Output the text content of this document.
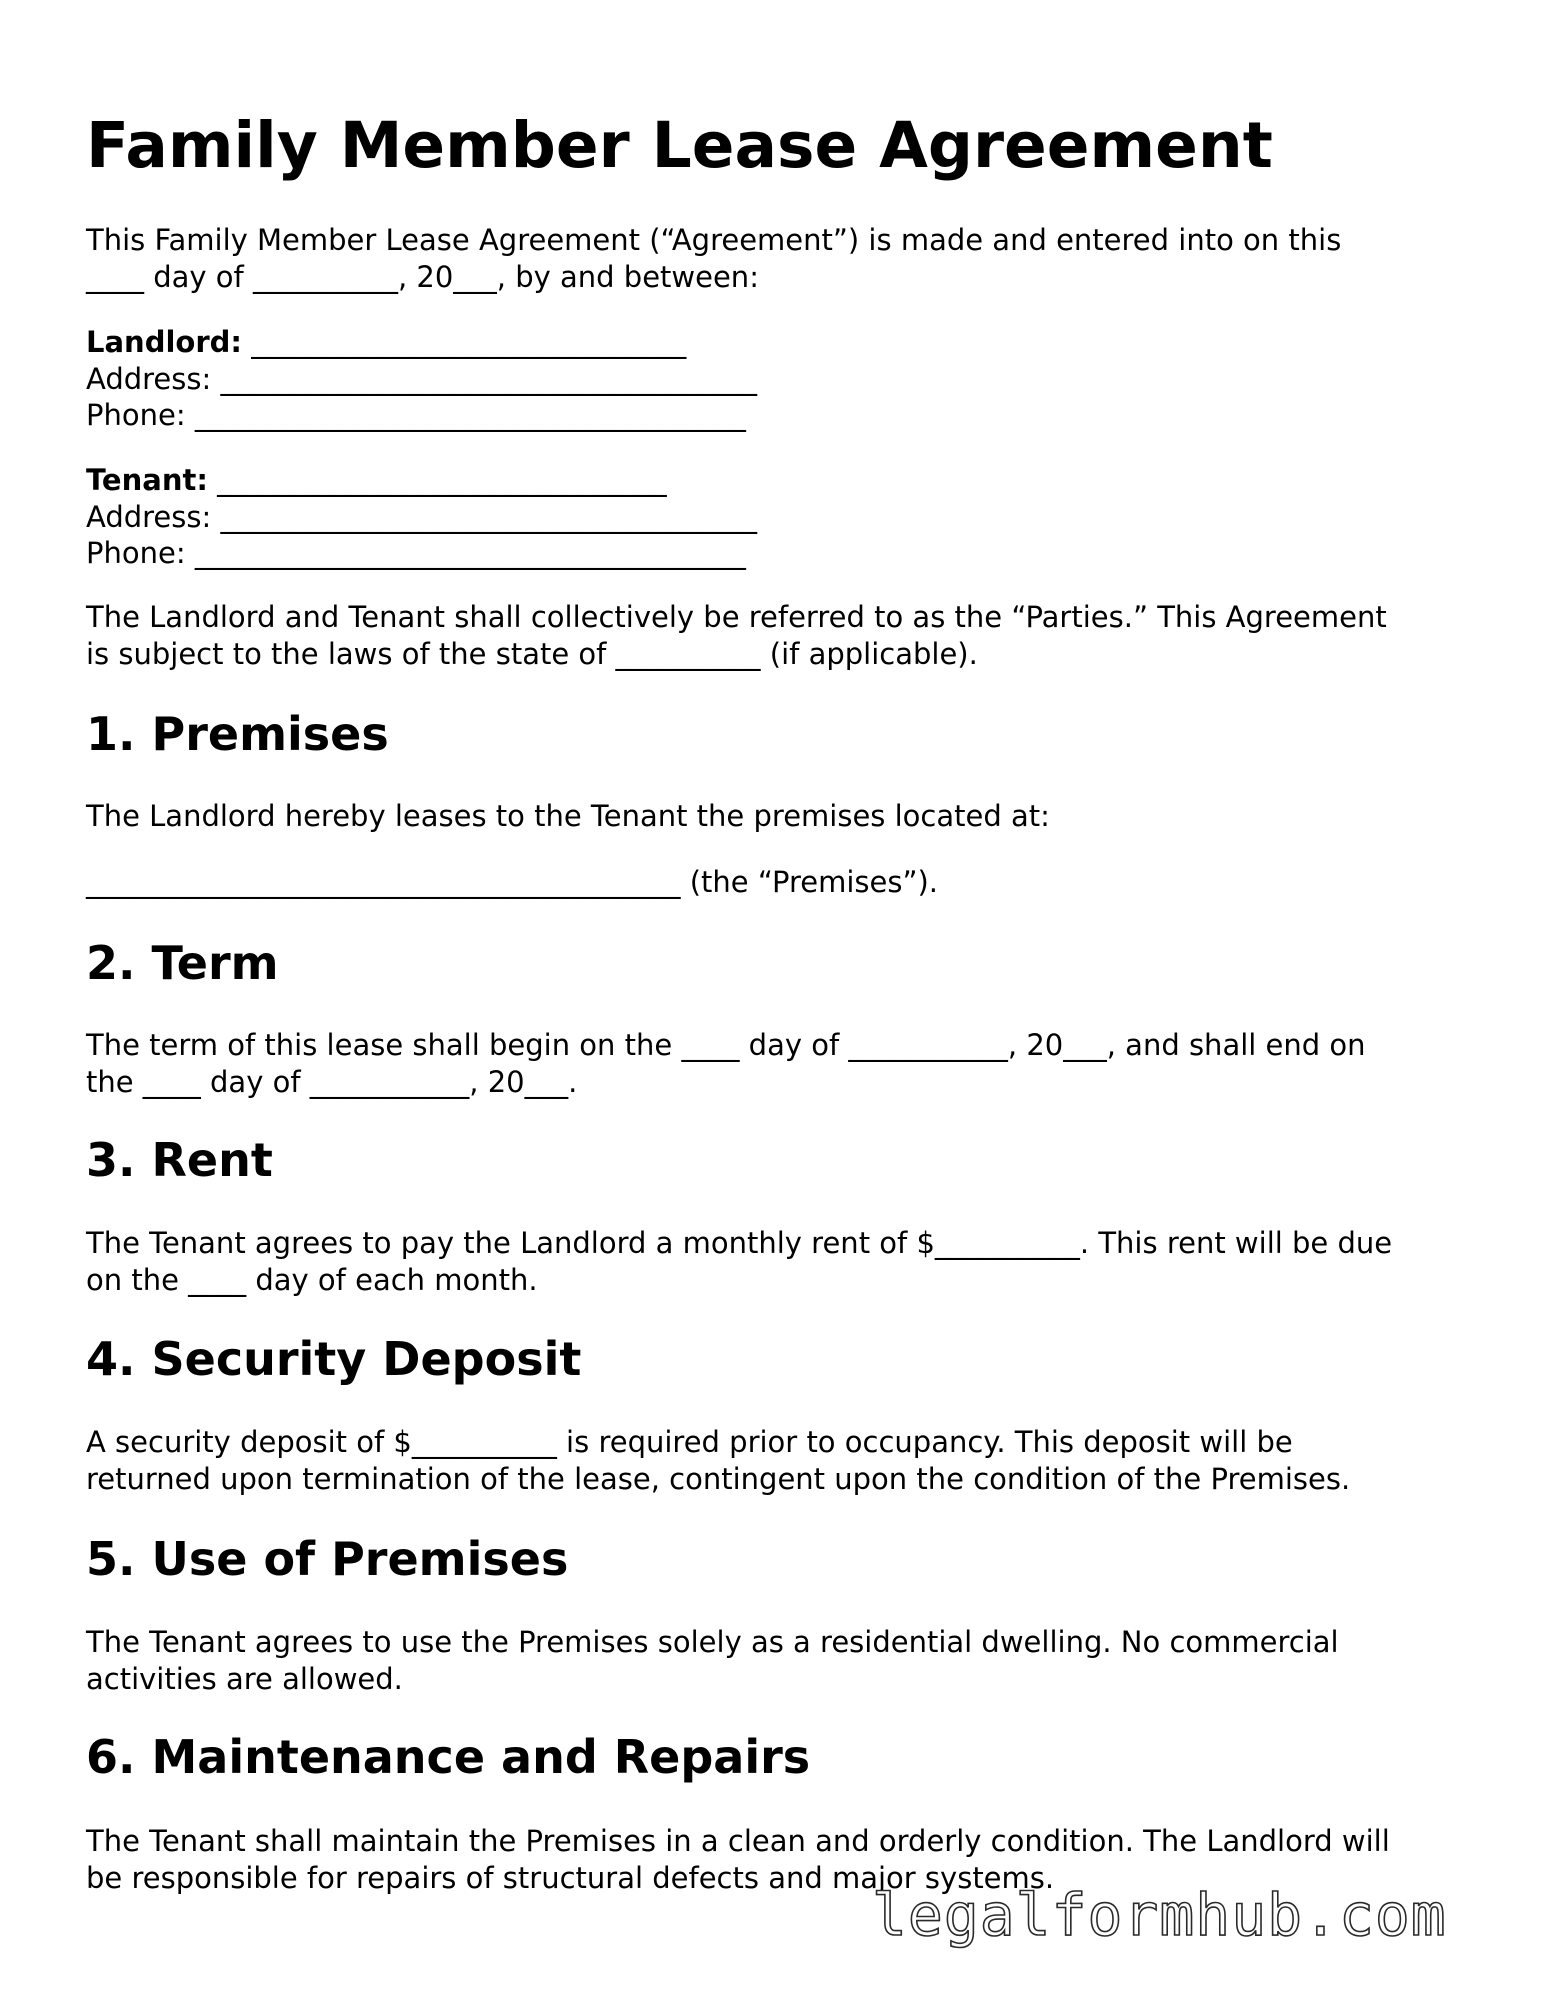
Family Member Lease Agreement

This Family Member Lease Agreement (“Agreement”) is made and entered into on this
____ day of __________, 20___, by and between:

Landlord: ______________________________
Address: _____________________________________
Phone: ______________________________________
Tenant: _______________________________
Address: _____________________________________
Phone: ______________________________________

The Landlord and Tenant shall collectively be referred to as the “Parties.” This Agreement
is subject to the laws of the state of __________ (if applicable).

1. Premises

The Landlord hereby leases to the Tenant the premises located at:

_________________________________________ (the “Premises”).

2. Term

The term of this lease shall begin on the ____ day of ___________, 20___, and shall end on
the ____ day of ___________, 20___.

3. Rent

The Tenant agrees to pay the Landlord a monthly rent of $__________. This rent will be due
on the ____ day of each month.

4. Security Deposit

A security deposit of $__________ is required prior to occupancy. This deposit will be
returned upon termination of the lease, contingent upon the condition of the Premises.

5. Use of Premises

The Tenant agrees to use the Premises solely as a residential dwelling. No commercial
activities are allowed.

6. Maintenance and Repairs

The Tenant shall maintain the Premises in a clean and orderly condition. The Landlord will
be responsible for repairs of structural defects and major systems.

legalformhub.com
